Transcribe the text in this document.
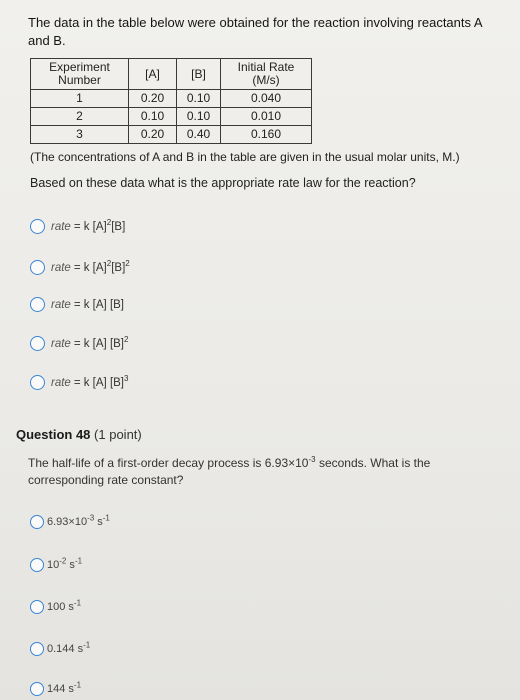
The data in the table below were obtained for the reaction involving reactants A and B.
Experiment
Number	[A]	[B]	Initial Rate
(M/s)
1	0.20	0.10	0.040
2	0.10	0.10	0.010
3	0.20	0.40	0.160
(The concentrations of A and B in the table are given in the usual molar units, M.)
Based on these data what is the appropriate rate law for the reaction?
rate = k $[A]^2[B]$
rate = k $[A]^2[B]^2$
rate = k [A] [B]
rate = k [A] $[B]^2$
rate = k [A] $[B]^3$
Question 48 (1 point)
The half-life of a first-order decay process is $6.93\times 10^{-3}$ seconds. What is the corresponding rate constant?
$6.93\times 10^{-3}$ $s^{-1}$
$10^{-2}$ $s^{-1}$
100 $s^{-1}$
0.144 $s^{-1}$
144 $s^{-1}$
